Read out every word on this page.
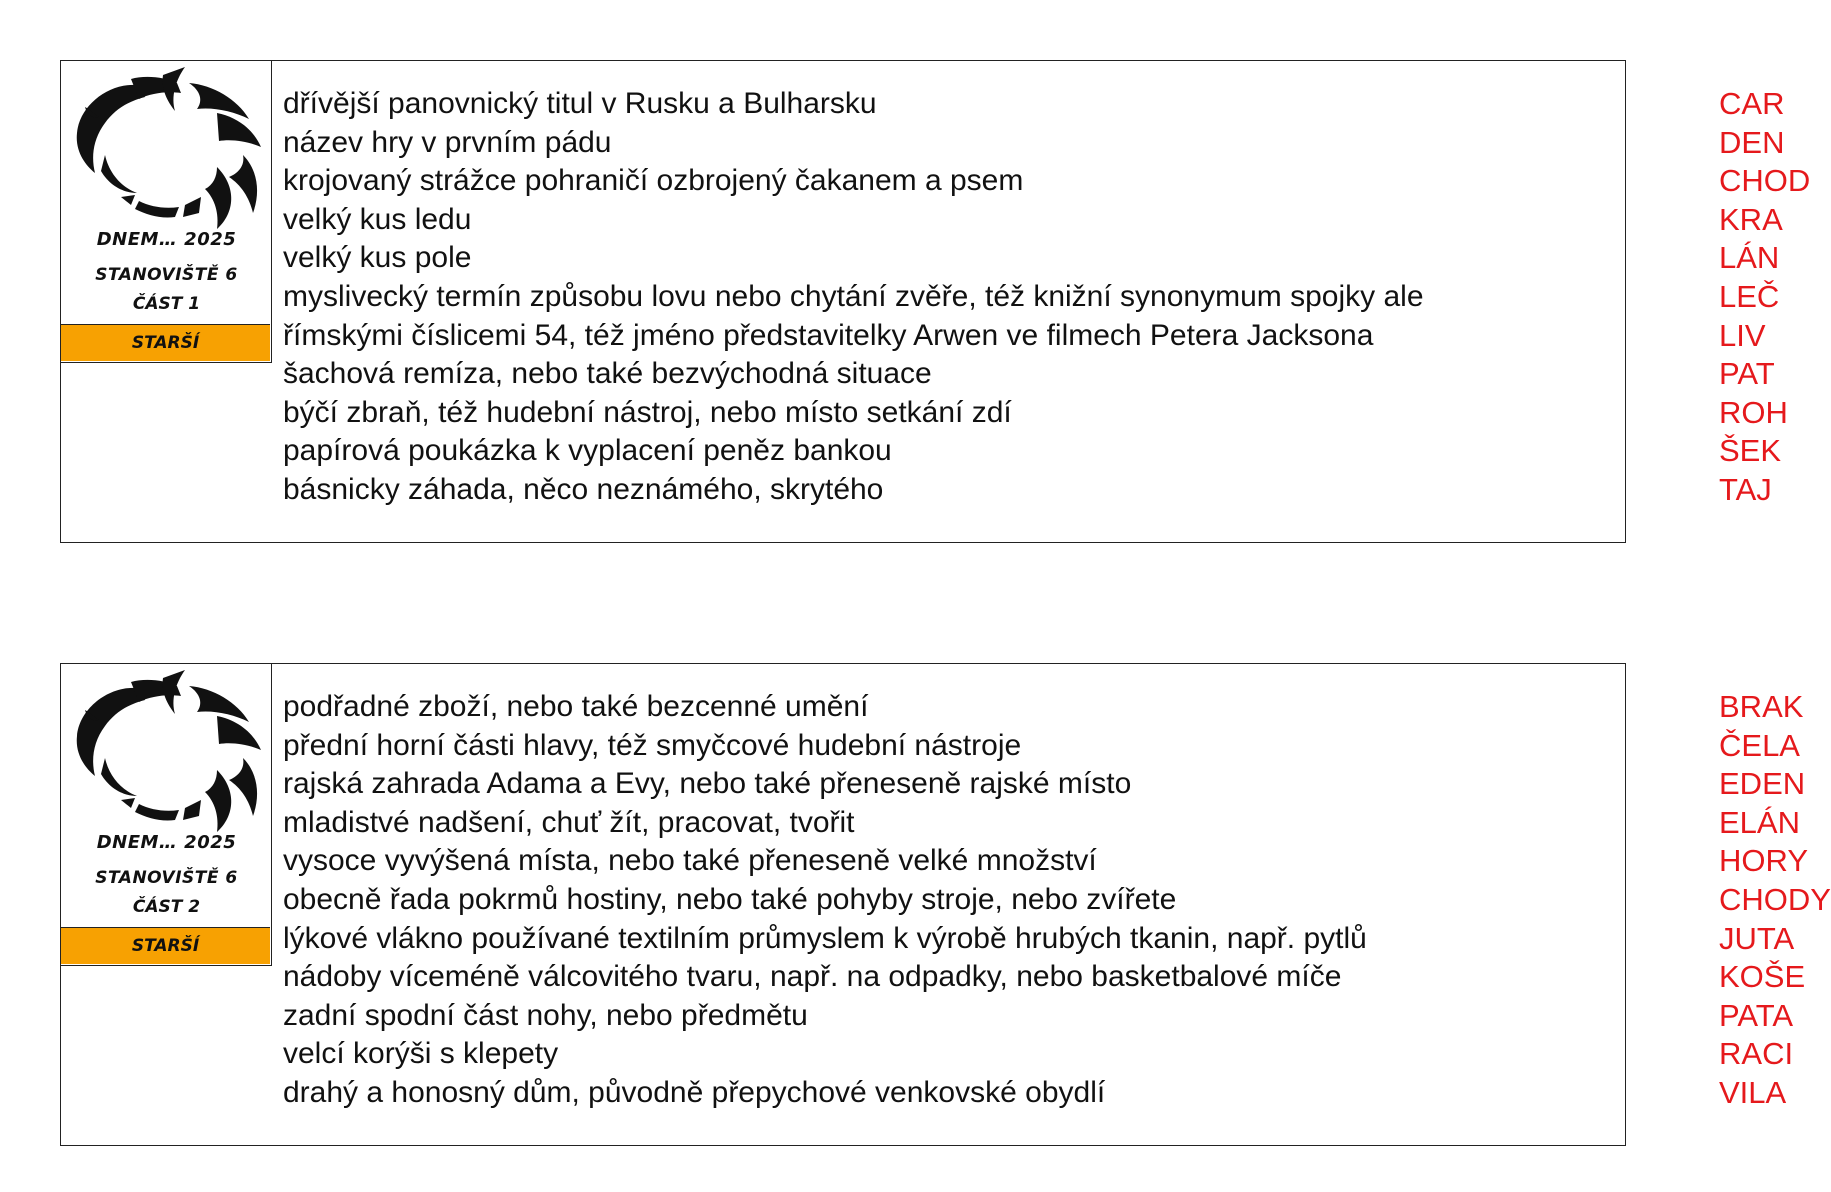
DNEM… 2025
STANOVIŠTĚ 6
ČÁST 1
STARŠÍ
dřívější panovnický titul v Rusku a Bulharsku	CAR
název hry v prvním pádu	DEN
krojovaný strážce pohraničí ozbrojený čakanem a psem	CHOD
velký kus ledu	KRA
velký kus pole	LÁN
myslivecký termín způsobu lovu nebo chytání zvěře, též knižní synonymum spojky ale	LEČ
římskými číslicemi 54, též jméno představitelky Arwen ve filmech Petera Jacksona	LIV
šachová remíza, nebo také bezvýchodná situace	PAT
býčí zbraň, též hudební nástroj, nebo místo setkání zdí	ROH
papírová poukázka k vyplacení peněz bankou	ŠEK
básnicky záhada, něco neznámého, skrytého	TAJ
DNEM… 2025
STANOVIŠTĚ 6
ČÁST 2
STARŠÍ
podřadné zboží, nebo také bezcenné umění	BRAK
přední horní části hlavy, též smyčcové hudební nástroje	ČELA
rajská zahrada Adama a Evy, nebo také přeneseně rajské místo	EDEN
mladistvé nadšení, chuť žít, pracovat, tvořit	ELÁN
vysoce vyvýšená místa, nebo také přeneseně velké množství	HORY
obecně řada pokrmů hostiny, nebo také pohyby stroje, nebo zvířete	CHODY
lýkové vlákno používané textilním průmyslem k výrobě hrubých tkanin, např. pytlů	JUTA
nádoby víceméně válcovitého tvaru, např. na odpadky, nebo basketbalové míče	KOŠE
zadní spodní část nohy, nebo předmětu	PATA
velcí korýši s klepety	RACI
drahý a honosný dům, původně přepychové venkovské obydlí	VILA
